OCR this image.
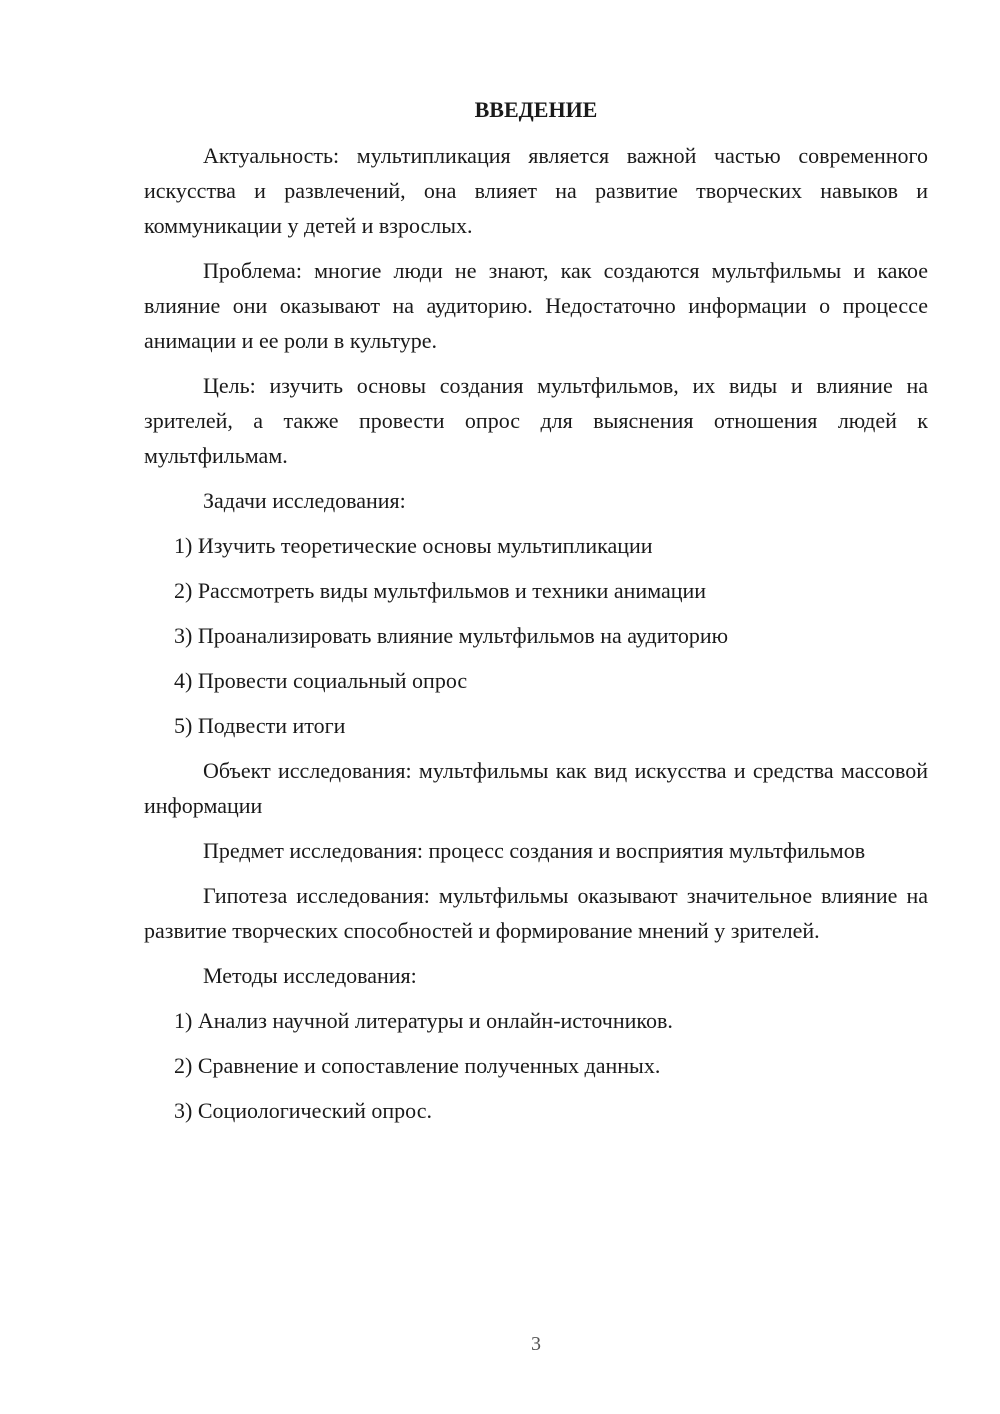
ВВЕДЕНИЕ

Актуальность: мультипликация является важной частью современного искусства и развлечений, она влияет на развитие творческих навыков и коммуникации у детей и взрослых.

Проблема: многие люди не знают, как создаются мультфильмы и какое влияние они оказывают на аудиторию. Недостаточно информации о процессе анимации и ее роли в культуре.

Цель: изучить основы создания мультфильмов, их виды и влияние на зрителей, а также провести опрос для выяснения отношения людей к мультфильмам.

Задачи исследования:

1) Изучить теоретические основы мультипликации

2) Рассмотреть виды мультфильмов и техники анимации

3) Проанализировать влияние мультфильмов на аудиторию

4) Провести социальный опрос

5) Подвести итоги

Объект исследования: мультфильмы как вид искусства и средства массовой информации

Предмет исследования: процесс создания и восприятия мультфильмов

Гипотеза исследования: мультфильмы оказывают значительное влияние на развитие творческих способностей и формирование мнений у зрителей.

Методы исследования:

1) Анализ научной литературы и онлайн-источников.

2) Сравнение и сопоставление полученных данных.

3) Социологический опрос.

3
